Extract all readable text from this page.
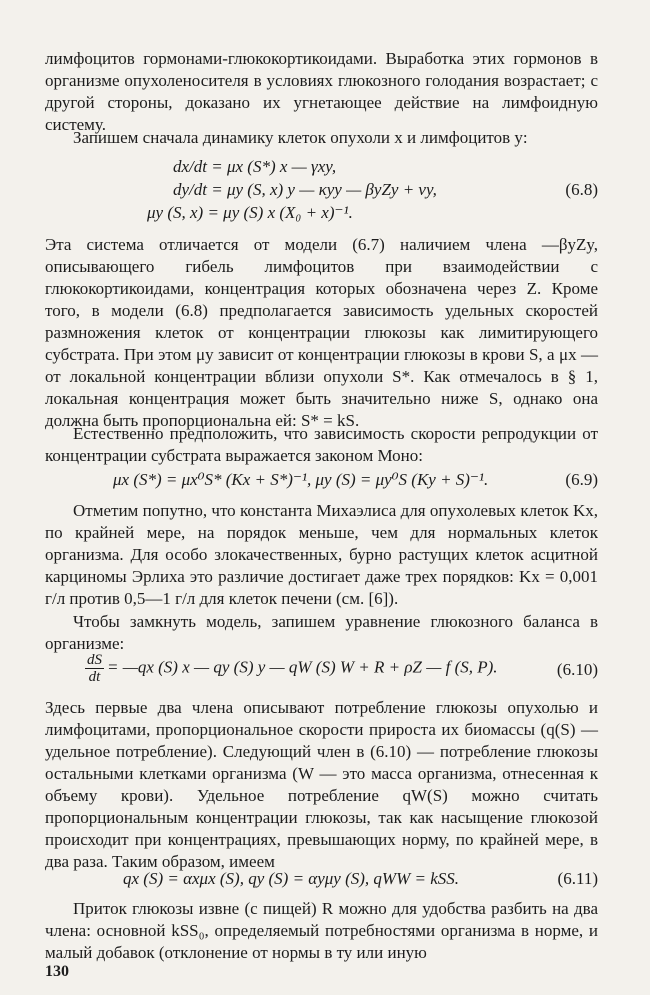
лимфоцитов гормонами-глюкокортикоидами. Выработка этих гормонов в организме опухоленосителя в условиях глюкозного голодания возрастает; с другой стороны, доказано их угнетающее действие на лимфоидную систему.

Запишем сначала динамику клеток опухоли x и лимфоцитов y:

dx/dt = μx (S*) x — γxy,
dy/dt = μy (S, x) y — κyy — βyZy + νy,
μy (S, x) = μy (S) x (X₀ + x)⁻¹.
(6.8)

Эта система отличается от модели (6.7) наличием члена —βyZy, описывающего гибель лимфоцитов при взаимодействии с глюкокортикоидами, концентрация которых обозначена через Z. Кроме того, в модели (6.8) предполагается зависимость удельных скоростей размножения клеток от концентрации глюкозы как лимитирующего субстрата. При этом μy зависит от концентрации глюкозы в крови S, а μx — от локальной концентрации вблизи опухоли S*. Как отмечалось в § 1, локальная концентрация может быть значительно ниже S, однако она должна быть пропорциональна ей: S* = kS.

Естественно предположить, что зависимость скорости репродукции от концентрации субстрата выражается законом Моно:

μx (S*) = μx⁰S* (Kx + S*)⁻¹, μy (S) = μy⁰S (Ky + S)⁻¹.	(6.9)

Отметим попутно, что константа Михаэлиса для опухолевых клеток Kx, по крайней мере, на порядок меньше, чем для нормальных клеток организма. Для особо злокачественных, бурно растущих клеток асцитной карциномы Эрлиха это различие достигает даже трех порядков: Kx = 0,001 г/л против 0,5—1 г/л для клеток печени (см. [6]).

Чтобы замкнуть модель, запишем уравнение глюкозного баланса в организме:

$\frac{dS}{dt}$ = —qx (S) x — qy (S) y — qW (S) W + R + ρZ — f (S, P).	(6.10)

Здесь первые два члена описывают потребление глюкозы опухолью и лимфоцитами, пропорциональное скорости прироста их биомассы (q(S) — удельное потребление). Следующий член в (6.10) — потребление глюкозы остальными клетками организма (W — это масса организма, отнесенная к объему крови). Удельное потребление qW(S) можно считать пропорциональным концентрации глюкозы, так как насыщение глюкозой происходит при концентрациях, превышающих норму, по крайней мере, в два раза. Таким образом, имеем

qx (S) = αxμx (S), qy (S) = αyμy (S), qWW = kSS.	(6.11)

Приток глюкозы извне (с пищей) R можно для удобства разбить на два члена: основной kSS₀, определяемый потребностями организма в норме, и малый добавок (отклонение от нормы в ту или иную

130
